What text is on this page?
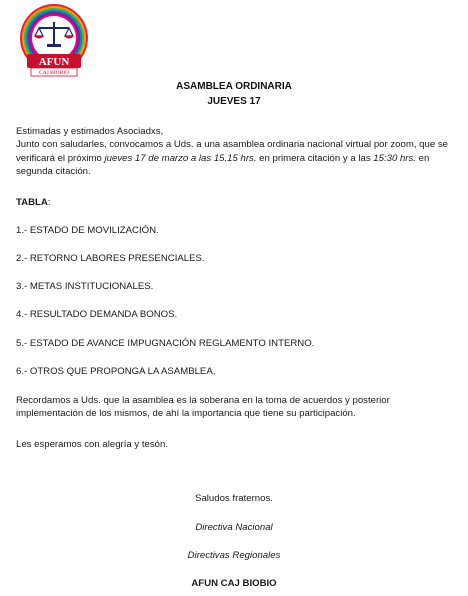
AFUN
CAJ BIOBIO
ASAMBLEA ORDINARIA
JUEVES 17
Estimadas y estimados Asociadxs,
Junto con saludarles, convocamos a Uds. a una asamblea ordinaria nacional virtual por zoom, que se verificará el próximo jueves 17 de marzo a las 15.15 hrs. en primera citación y a las 15:30 hrs. en segunda citación.
TABLA:
1.- ESTADO DE MOVILIZACIÓN.
2.- RETORNO LABORES PRESENCIALES.
3.- METAS INSTITUCIONALES.
4.- RESULTADO DEMANDA BONOS.
5.- ESTADO DE AVANCE IMPUGNACIÓN REGLAMENTO INTERNO.
6.- OTROS QUE PROPONGA LA ASAMBLEA,
Recordamos a Uds. que la asamblea es la soberana en la toma de acuerdos y posterior implementación de los mismos, de ahí la importancia que tiene su participación.
Les esperamos con alegría y tesón.
Saludos fraternos.
Directiva Nacional
Directivas Regionales
AFUN CAJ BIOBIO
